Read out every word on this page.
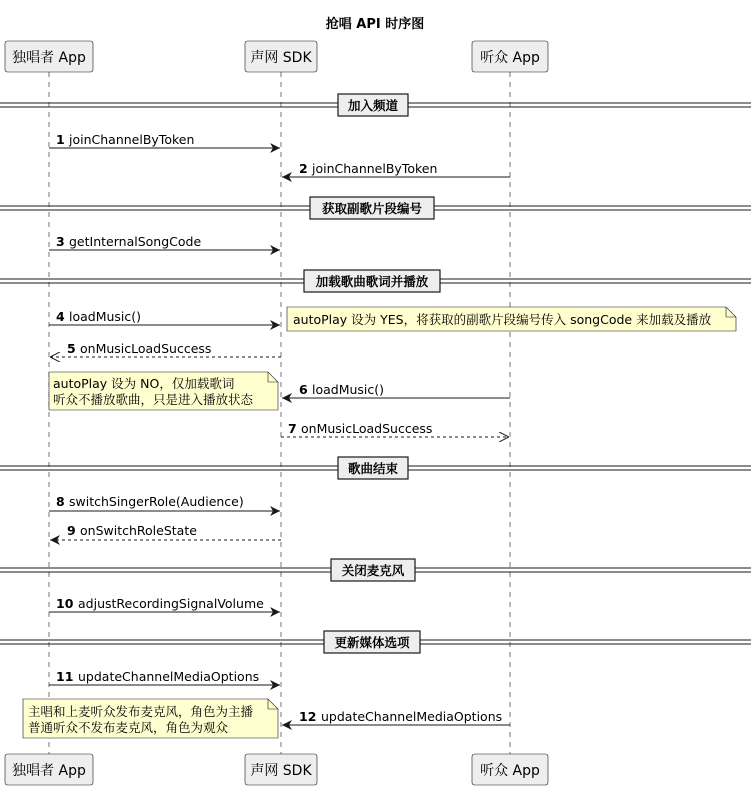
抢唱 API 时序图
独唱者 App	声网 SDK	听众 App
独唱者 App	声网 SDK	听众 App
加入频道
获取副歌片段编号
加载歌曲歌词并播放
歌曲结束
关闭麦克风
更新媒体选项
1 joinChannelByToken
2 joinChannelByToken
3 getInternalSongCode
4 loadMusic()
5 onMusicLoadSuccess
6 loadMusic()
7 onMusicLoadSuccess
8 switchSingerRole(Audience)
9 onSwitchRoleState
10 adjustRecordingSignalVolume
11 updateChannelMediaOptions
12 updateChannelMediaOptions
autoPlay 设为 YES，将获取的副歌片段编号传入 songCode 来加载及播放
autoPlay 设为 NO，仅加载歌词
听众不播放歌曲，只是进入播放状态
主唱和上麦听众发布麦克风，角色为主播
普通听众不发布麦克风，角色为观众
